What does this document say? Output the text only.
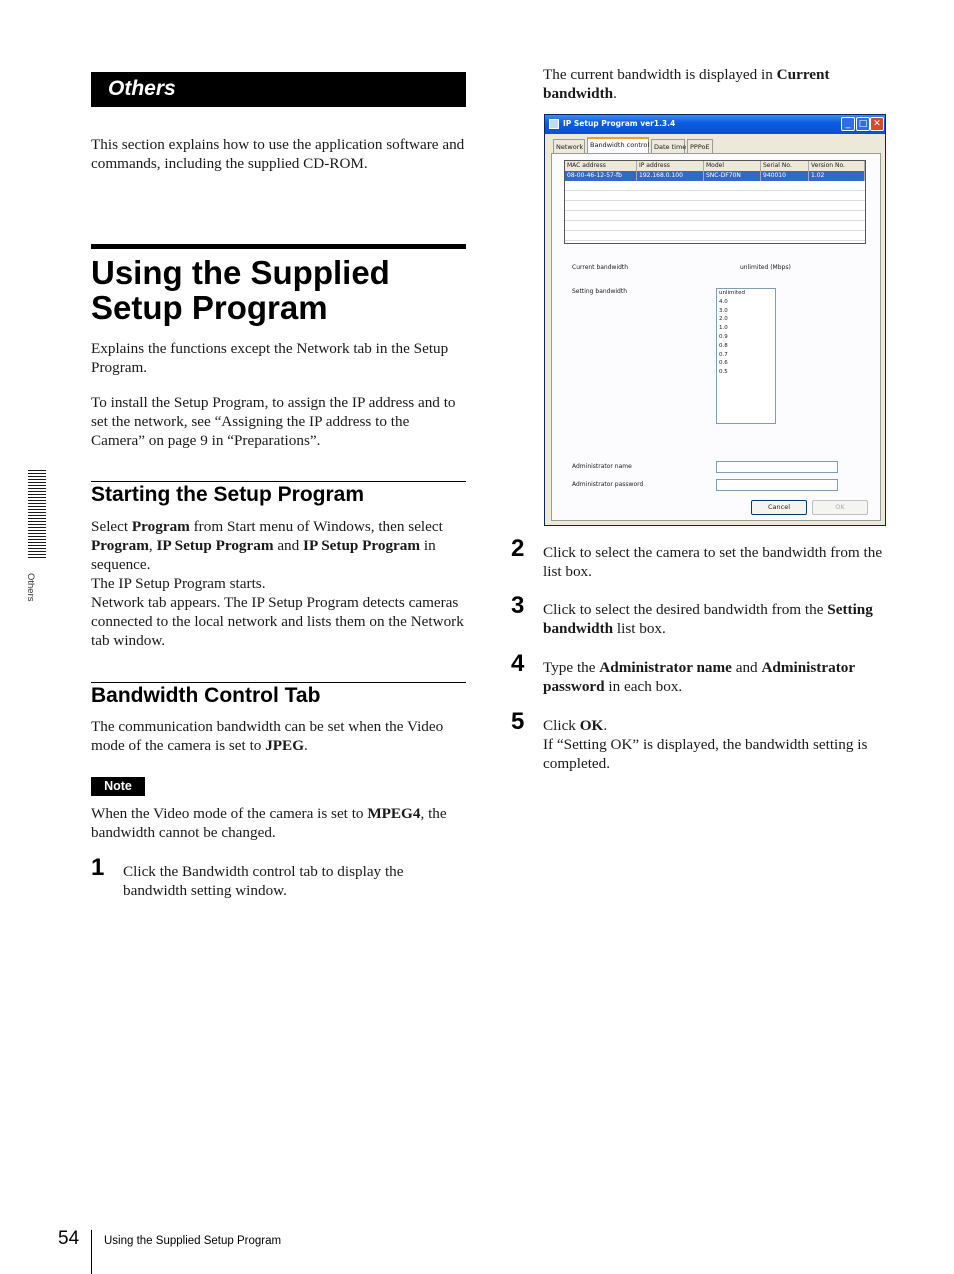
Others

This section explains how to use the application software and commands, including the supplied CD-ROM.

Using the Supplied Setup Program

Explains the functions except the Network tab in the Setup Program.

To install the Setup Program, to assign the IP address and to set the network, see “Assigning the IP address to the Camera” on page 9 in “Preparations”.

Starting the Setup Program

Select Program from Start menu of Windows, then select Program, IP Setup Program and IP Setup Program in sequence.
The IP Setup Program starts.
Network tab appears. The IP Setup Program detects cameras connected to the local network and lists them on the Network tab window.

Bandwidth Control Tab

The communication bandwidth can be set when the Video mode of the camera is set to JPEG.

Note

When the Video mode of the camera is set to MPEG4, the bandwidth cannot be changed.

1 Click the Bandwidth control tab to display the bandwidth setting window.

The current bandwidth is displayed in Current bandwidth.

IP Setup Program ver1.3.4	_ □ ✕
Network	Bandwidth control Date time PPPoE
MAC address	IP address	Model	Serial No.	Version No.
08-00-46-12-57-fb	192.168.0.100	SNC-DF70N	940010	1.02
Current bandwidth	unlimited (Mbps)
Setting bandwidth	unlimited
4.0
3.0
2.0
1.0
0.9
0.8
0.7
0.6
0.5
Administrator name
Administrator password
Cancel	OK
2 Click to select the camera to set the bandwidth from the list box.

3 Click to select the desired bandwidth from the Setting bandwidth list box.

4 Type the Administrator name and Administrator password in each box.

5 Click OK.
If “Setting OK” is displayed, the bandwidth setting is completed.

Others
54 Using the Supplied Setup Program
